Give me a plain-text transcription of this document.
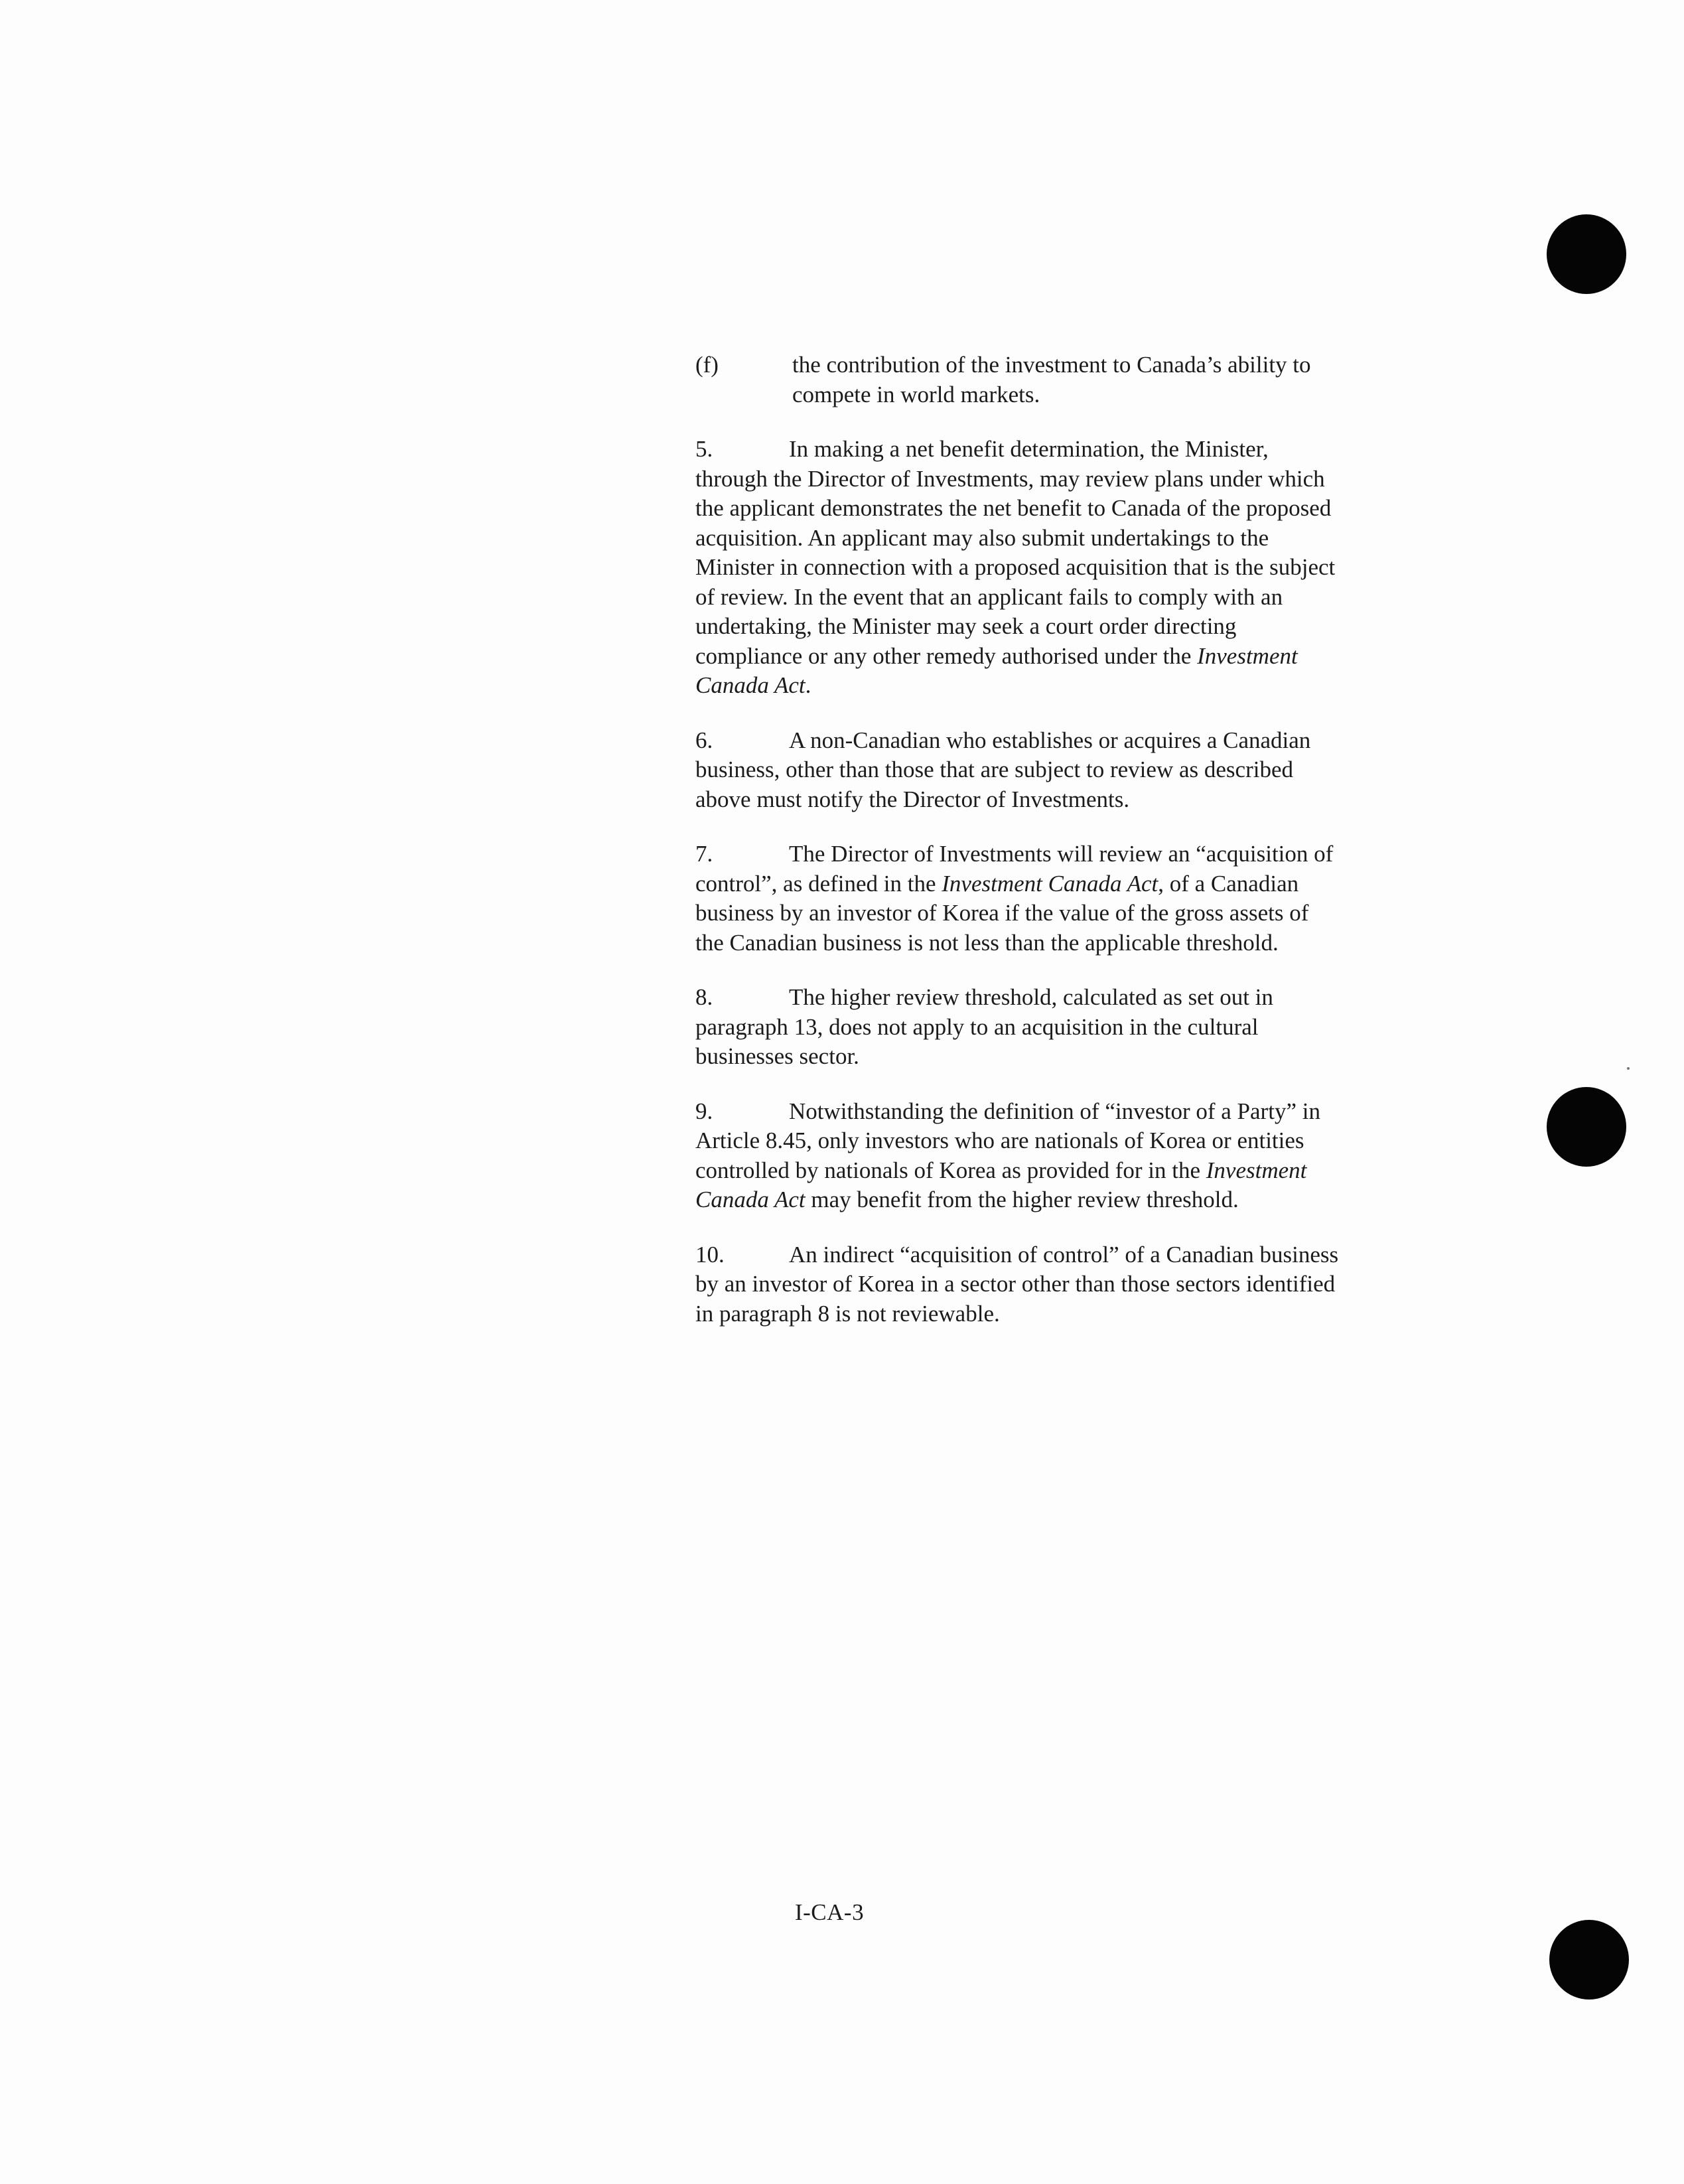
(f)	the contribution of the investment to Canada’s ability to compete in world markets.

5.	In making a net benefit determination, the Minister, through the Director of Investments, may review plans under which the applicant demonstrates the net benefit to Canada of the proposed acquisition. An applicant may also submit undertakings to the Minister in connection with a proposed acquisition that is the subject of review. In the event that an applicant fails to comply with an undertaking, the Minister may seek a court order directing compliance or any other remedy authorised under the Investment Canada Act.

6.	A non-Canadian who establishes or acquires a Canadian business, other than those that are subject to review as described above must notify the Director of Investments.

7.	The Director of Investments will review an “acquisition of control”, as defined in the Investment Canada Act, of a Canadian business by an investor of Korea if the value of the gross assets of the Canadian business is not less than the applicable threshold.

8.	The higher review threshold, calculated as set out in paragraph 13, does not apply to an acquisition in the cultural businesses sector.

9.	Notwithstanding the definition of “investor of a Party” in Article 8.45, only investors who are nationals of Korea or entities controlled by nationals of Korea as provided for in the Investment Canada Act may benefit from the higher review threshold.

10.	An indirect “acquisition of control” of a Canadian business by an investor of Korea in a sector other than those sectors identified in paragraph 8 is not reviewable.

I-CA-3
